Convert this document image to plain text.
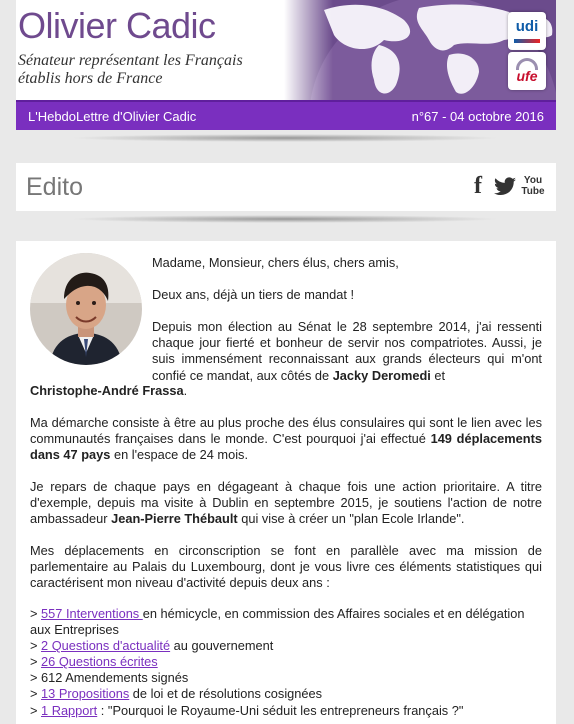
Olivier Cadic
Sénateur représentant les Français établis hors de France
udi
ufe
L'HebdoLettre d'Olivier Cadic	n°67 - 04 octobre 2016
Edito	f	You
Tube
Madame, Monsieur, chers élus, chers amis,
Deux ans, déjà un tiers de mandat !
Depuis mon élection au Sénat le 28 septembre 2014, j'ai ressenti chaque jour fierté et bonheur de servir nos compatriotes. Aussi, je suis immensément reconnaissant aux grands électeurs qui m'ont confié ce mandat, aux côtés de Jacky Deromedi et
Christophe-André Frassa.
Ma démarche consiste à être au plus proche des élus consulaires qui sont le lien avec les communautés françaises dans le monde. C'est pourquoi j'ai effectué 149 déplacements dans 47 pays en l'espace de 24 mois.
Je repars de chaque pays en dégageant à chaque fois une action prioritaire. A titre d'exemple, depuis ma visite à Dublin en septembre 2015, je soutiens l'action de notre ambassadeur Jean-Pierre Thébault qui vise à créer un "plan Ecole Irlande".
Mes déplacements en circonscription se font en parallèle avec ma mission de parlementaire au Palais du Luxembourg, dont je vous livre ces éléments statistiques qui caractérisent mon niveau d'activité depuis deux ans :
> 557 Interventions en hémicycle, en commission des Affaires sociales et en délégation aux Entreprises
> 2 Questions d'actualité au gouvernement
> 26 Questions écrites
> 612 Amendements signés
> 13 Propositions de loi et de résolutions cosignées
> 1 Rapport : "Pourquoi le Royaume-Uni séduit les entrepreneurs français ?"
